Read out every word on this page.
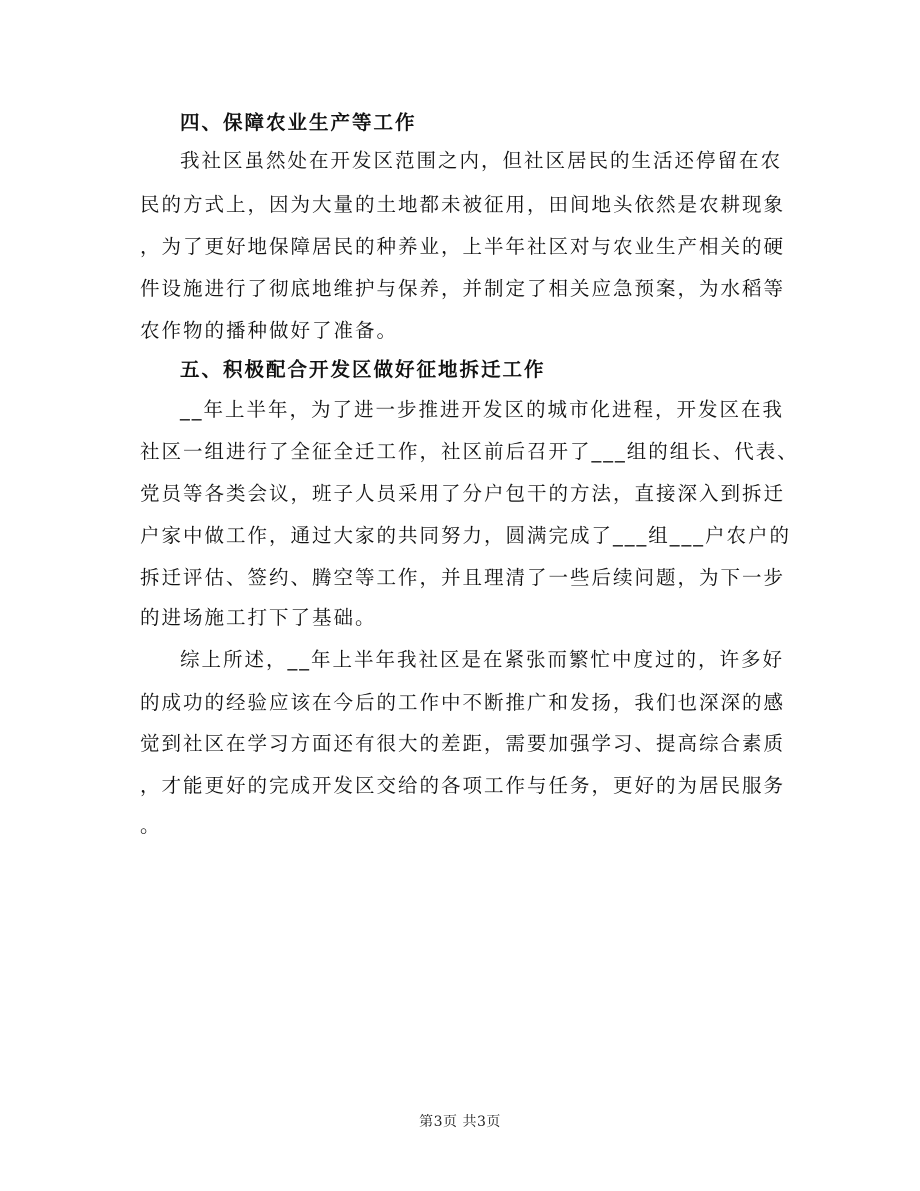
四、保障农业生产等工作
我社区虽然处在开发区范围之内，但社区居民的生活还停留在农
民的方式上，因为大量的土地都未被征用，田间地头依然是农耕现象
，为了更好地保障居民的种养业，上半年社区对与农业生产相关的硬
件设施进行了彻底地维护与保养，并制定了相关应急预案，为水稻等
农作物的播种做好了准备。
五、积极配合开发区做好征地拆迁工作
__年上半年，为了进一步推进开发区的城市化进程，开发区在我
社区一组进行了全征全迁工作，社区前后召开了___组的组长、代表、
党员等各类会议，班子人员采用了分户包干的方法，直接深入到拆迁
户家中做工作，通过大家的共同努力，圆满完成了___组___户农户的
拆迁评估、签约、腾空等工作，并且理清了一些后续问题，为下一步
的进场施工打下了基础。
综上所述，__年上半年我社区是在紧张而繁忙中度过的，许多好
的成功的经验应该在今后的工作中不断推广和发扬，我们也深深的感
觉到社区在学习方面还有很大的差距，需要加强学习、提高综合素质
，才能更好的完成开发区交给的各项工作与任务，更好的为居民服务
。
第3页 共3页
